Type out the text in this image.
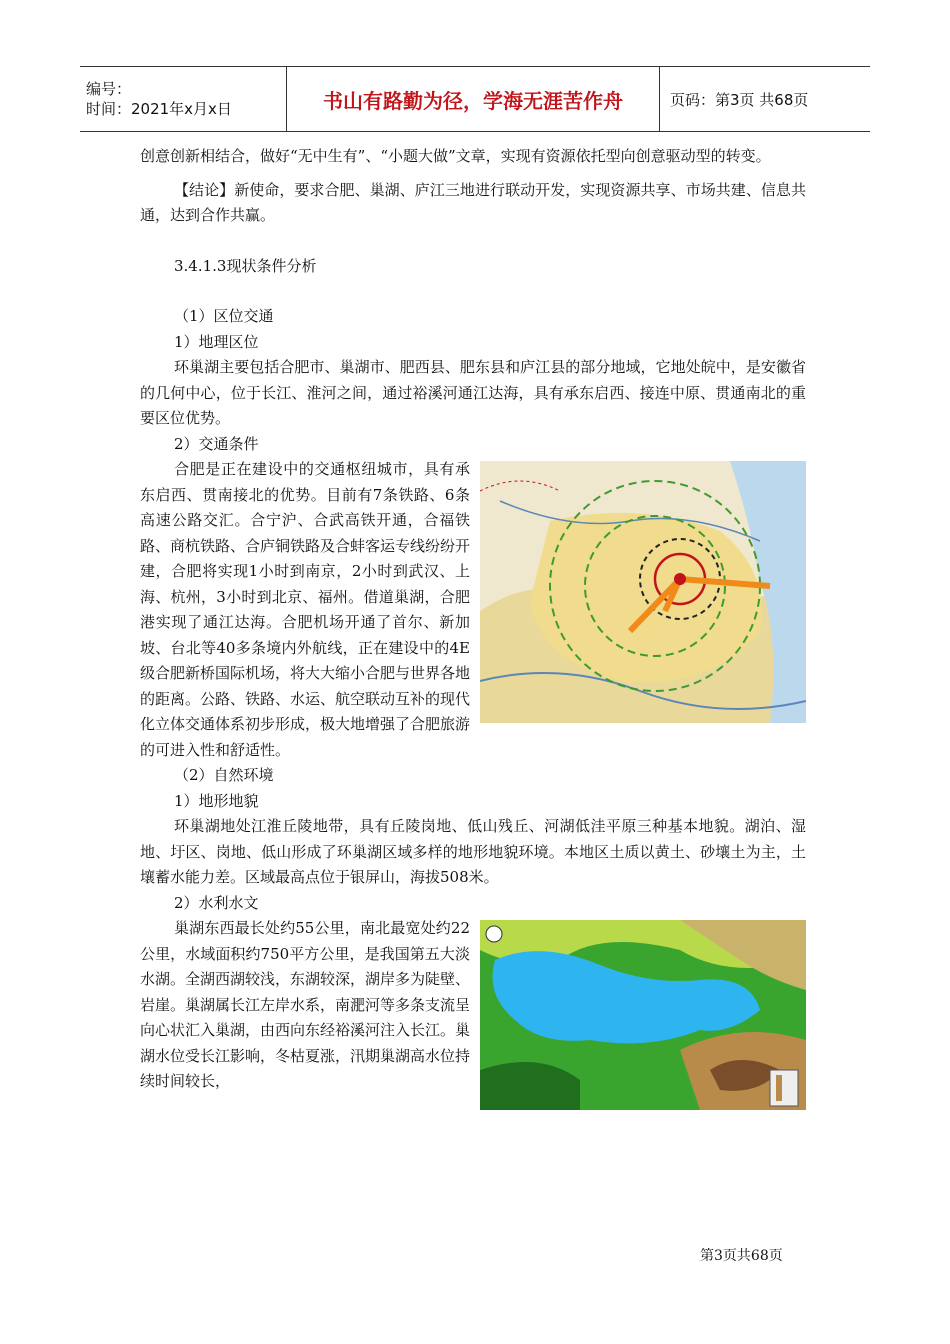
编号：
时间：2021年x月x日	书山有路勤为径，学海无涯苦作舟	页码：第3页 共68页

创意创新相结合，做好“无中生有”、“小题大做”文章，实现有资源依托型向创意驱动型的转变。

【结论】新使命，要求合肥、巢湖、庐江三地进行联动开发，实现资源共享、市场共建、信息共通，达到合作共赢。

3.4.1.3现状条件分析

（1）区位交通

1）地理区位

环巢湖主要包括合肥市、巢湖市、肥西县、肥东县和庐江县的部分地域，它地处皖中，是安徽省的几何中心，位于长江、淮河之间，通过裕溪河通江达海，具有承东启西、接连中原、贯通南北的重要区位优势。

2）交通条件

合肥是正在建设中的交通枢纽城市，具有承东启西、贯南接北的优势。目前有7条铁路、6条高速公路交汇。合宁沪、合武高铁开通，合福铁路、商杭铁路、合庐铜铁路及合蚌客运专线纷纷开建，合肥将实现1小时到南京，2小时到武汉、上海、杭州，3小时到北京、福州。借道巢湖，合肥港实现了通江达海。合肥机场开通了首尔、新加坡、台北等40多条境内外航线，正在建设中的4E级合肥新桥国际机场，将大大缩小合肥与世界各地的距离。公路、铁路、水运、航空联动互补的现代化立体交通体系初步形成，极大地增强了合肥旅游的可进入性和舒适性。

（2）自然环境

1）地形地貌

环巢湖地处江淮丘陵地带，具有丘陵岗地、低山残丘、河湖低洼平原三种基本地貌。湖泊、湿地、圩区、岗地、低山形成了环巢湖区域多样的地形地貌环境。本地区土质以黄土、砂壤土为主，土壤蓄水能力差。区域最高点位于银屏山，海拔508米。

2）水利水文

巢湖东西最长处约55公里，南北最宽处约22公里，水域面积约750平方公里，是我国第五大淡水湖。全湖西湖较浅，东湖较深，湖岸多为陡壁、岩崖。巢湖属长江左岸水系，南淝河等多条支流呈向心状汇入巢湖，由西向东经裕溪河注入长江。巢湖水位受长江影响，冬枯夏涨，汛期巢湖高水位持续时间较长，

第3页共68页
